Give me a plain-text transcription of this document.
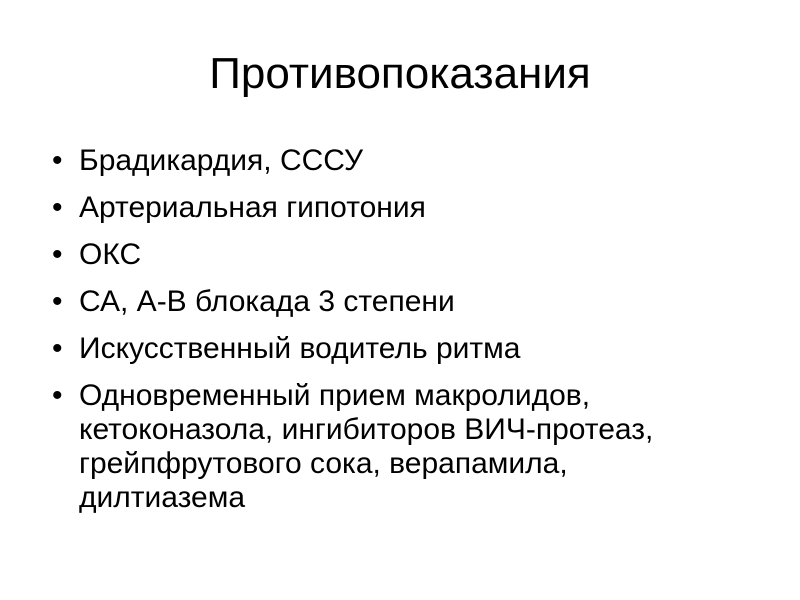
Противопоказания
• Брадикардия, СССУ
• Артериальная гипотония
• ОКС
• СА, А-В блокада 3 степени
• Искусственный водитель ритма
• Одновременный прием макролидов, кетоконазола, ингибиторов ВИЧ-протеаз, грейпфрутового сока, верапамила, дилтиазема
